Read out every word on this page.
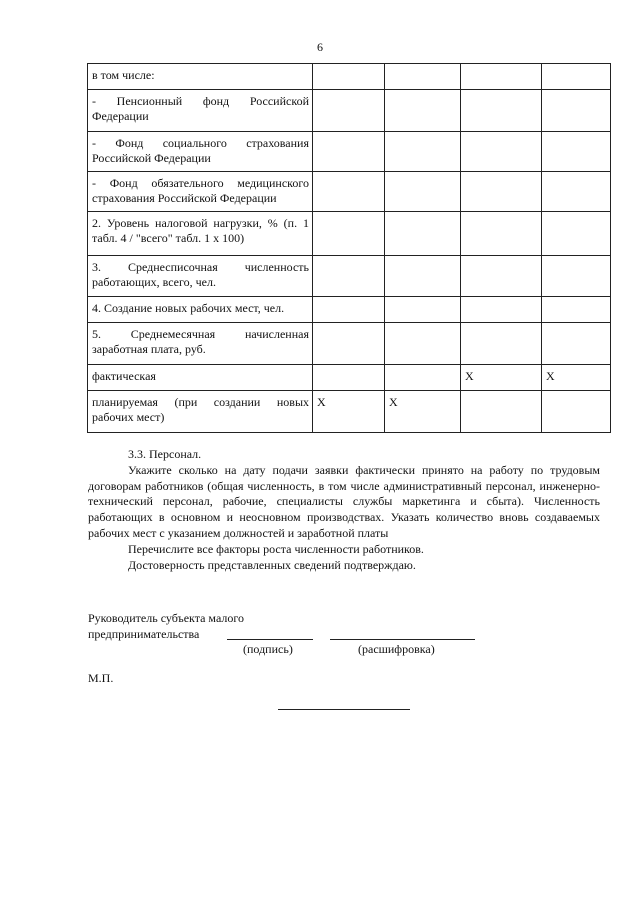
6
в том числе:				
- Пенсионный фонд Российской Федерации				
- Фонд социального страхования Российской Федерации				
- Фонд обязательного медицинского страхования Российской Федерации				
2. Уровень налоговой нагрузки, % (п. 1 табл. 4 / "всего" табл. 1 х 100)				
3. Среднесписочная численность работающих, всего, чел.				
4. Создание новых рабочих мест, чел.				
5. Среднемесячная начисленная заработная плата, руб.				
фактическая			X	X
планируемая (при создании новых рабочих мест)	X	X		

3.3. Персонал.

Укажите сколько на дату подачи заявки фактически принято на работу по трудовым договорам работников (общая численность, в том числе административный персонал, инженерно-технический персонал, рабочие, специалисты службы маркетинга и сбыта). Численность работающих в основном и неосновном производствах. Указать количество вновь создаваемых рабочих мест с указанием должностей и заработной платы

Перечислите все факторы роста численности работников.

Достоверность представленных сведений подтверждаю.

Руководитель субъекта малого
предпринимательства
(подпись)	(расшифровка)
М.П.
